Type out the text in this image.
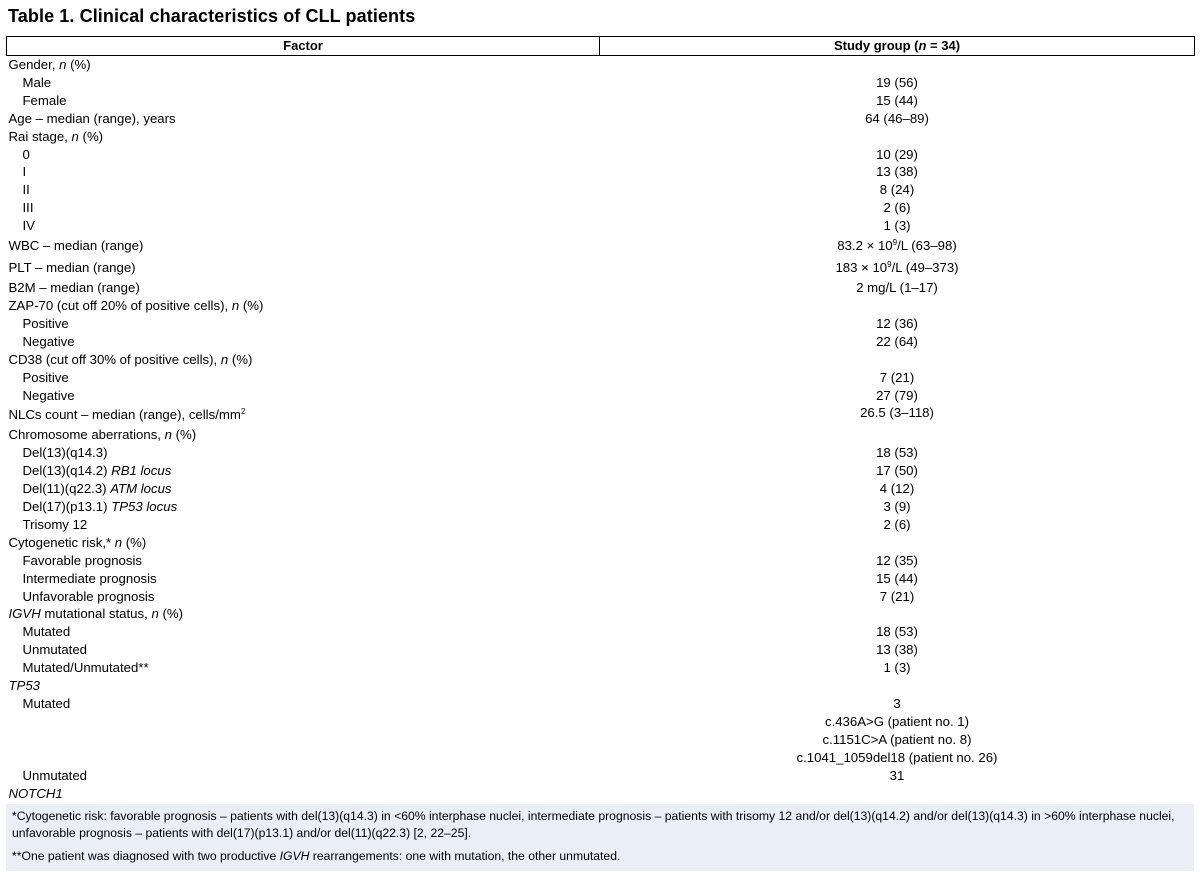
Table 1. Clinical characteristics of CLL patients
Factor	Study group (n = 34)
Gender, n (%)	
Male	19 (56)
Female	15 (44)
Age – median (range), years	64 (46–89)
Rai stage, n (%)	
0	10 (29)
I	13 (38)
II	8 (24)
III	2 (6)
IV	1 (3)
WBC – median (range)	$83.2 \times 10^9/L$ (63–98)
PLT – median (range)	$183 \times 10^9/L$ (49–373)
B2M – median (range)	2 mg/L (1–17)
ZAP-70 (cut off 20% of positive cells), n (%)	
Positive	12 (36)
Negative	22 (64)
CD38 (cut off 30% of positive cells), n (%)	
Positive	7 (21)
Negative	27 (79)
NLCs count – median (range), cells/$mm^2$	26.5 (3–118)
Chromosome aberrations, n (%)	
Del(13)(q14.3)	18 (53)
Del(13)(q14.2) RB1 locus	17 (50)
Del(11)(q22.3) ATM locus	4 (12)
Del(17)(p13.1) TP53 locus	3 (9)
Trisomy 12	2 (6)
Cytogenetic risk,* n (%)	
Favorable prognosis	12 (35)
Intermediate prognosis	15 (44)
Unfavorable prognosis	7 (21)
IGVH mutational status, n (%)	
Mutated	18 (53)
Unmutated	13 (38)
Mutated/Unmutated**	1 (3)
TP53	
Mutated	3
	c.436A>G (patient no. 1)
	c.1151C>A (patient no. 8)
	c.1041_1059del18 (patient no. 26)
Unmutated	31
NOTCH1	

*Cytogenetic risk: favorable prognosis – patients with del(13)(q14.3) in <60% interphase nuclei, intermediate prognosis – patients with trisomy 12 and/or del(13)(q14.2) and/or del(13)(q14.3) in >60% interphase nuclei, unfavorable prognosis – patients with del(17)(p13.1) and/or del(11)(q22.3) [2, 22–25].

**One patient was diagnosed with two productive IGVH rearrangements: one with mutation, the other unmutated.
